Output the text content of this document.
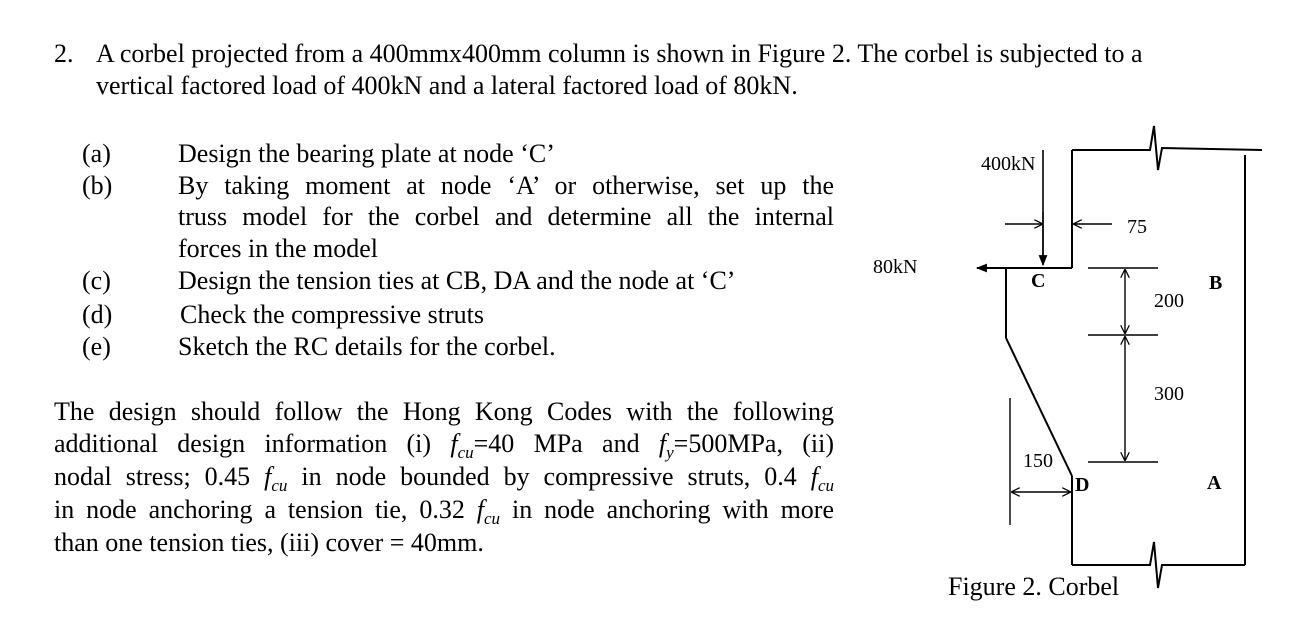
2. A corbel projected from a 400mmx400mm column is shown in Figure 2. The corbel is subjected to a
vertical factored load of 400kN and a lateral factored load of 80kN.
(a)	Design the bearing plate at node ‘C’
(b)	By taking moment at node ‘A’ or otherwise, set up the
truss model for the corbel and determine all the internal
forces in the model
(c)	Design the tension ties at CB, DA and the node at ‘C’
(d)	Check the compressive struts
(e)	Sketch the RC details for the corbel.
The design should follow the Hong Kong Codes with the following
additional design information (i) $f_{cu}=40$ MPa and $f_y=500MPa$, (ii)
nodal stress; 0.45 $f_{cu}$ in node bounded by compressive struts, 0.4 $f_{cu}$
in node anchoring a tension tie, 0.32 $f_{cu}$ in node anchoring with more
than one tension ties, (iii) cover = 40mm.
400kN
80kN
75
200
300
150
C
D
B
A
Figure 2. Corbel
